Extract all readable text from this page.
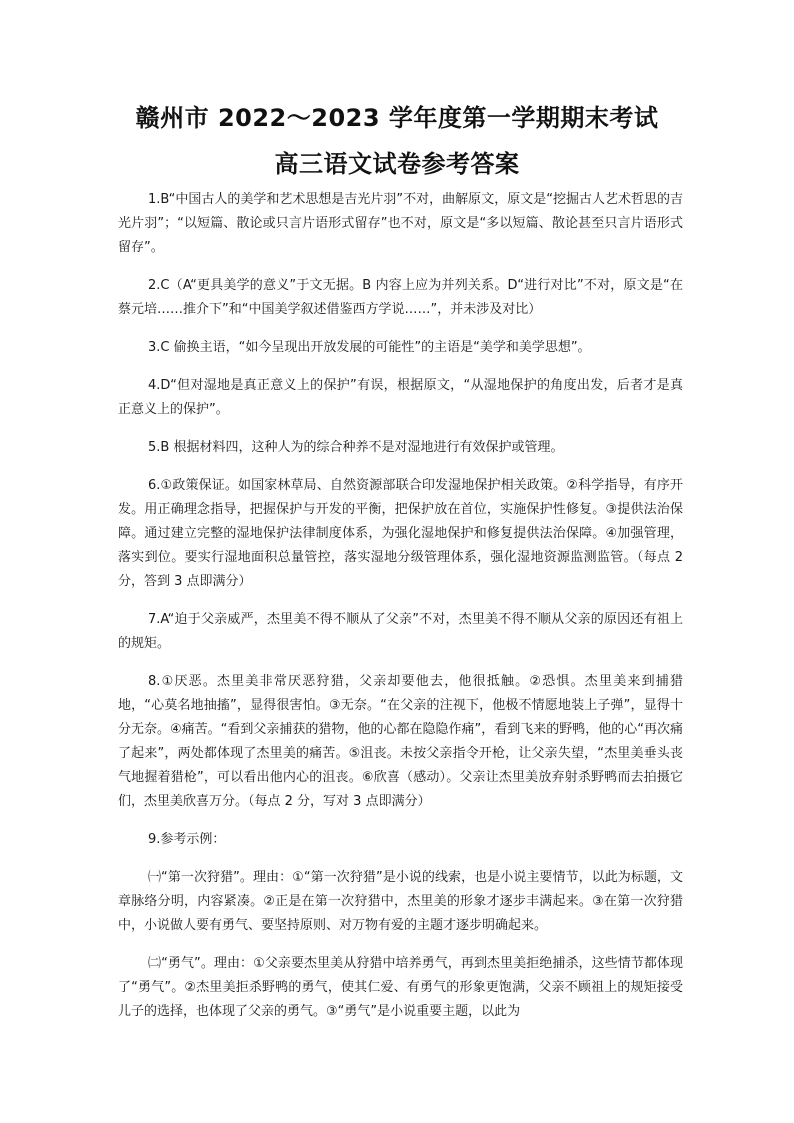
赣州市 2022～2023 学年度第一学期期末考试
高三语文试卷参考答案

1.B“中国古人的美学和艺术思想是吉光片羽”不对，曲解原文，原文是“挖掘古人艺术哲思的吉光片羽”；“以短篇、散论或只言片语形式留存”也不对，原文是“多以短篇、散论甚至只言片语形式留存”。

2.C（A“更具美学的意义”于文无据。B 内容上应为并列关系。D“进行对比”不对，原文是“在蔡元培……推介下”和“中国美学叙述借鉴西方学说……”，并未涉及对比）

3.C 偷换主语，“如今呈现出开放发展的可能性”的主语是“美学和美学思想”。

4.D“但对湿地是真正意义上的保护”有误，根据原文，“从湿地保护的角度出发，后者才是真正意义上的保护”。

5.B 根据材料四，这种人为的综合种养不是对湿地进行有效保护或管理。

6.①政策保证。如国家林草局、自然资源部联合印发湿地保护相关政策。②科学指导，有序开发。用正确理念指导，把握保护与开发的平衡，把保护放在首位，实施保护性修复。③提供法治保障。通过建立完整的湿地保护法律制度体系，为强化湿地保护和修复提供法治保障。④加强管理，落实到位。要实行湿地面积总量管控，落实湿地分级管理体系，强化湿地资源监测监管。（每点 2 分，答到 3 点即满分）

7.A“迫于父亲威严，杰里美不得不顺从了父亲”不对，杰里美不得不顺从父亲的原因还有祖上的规矩。

8.①厌恶。杰里美非常厌恶狩猎，父亲却要他去，他很抵触。②恐惧。杰里美来到捕猎地，“心莫名地抽搐”，显得很害怕。③无奈。“在父亲的注视下，他极不情愿地装上子弹”，显得十分无奈。④痛苦。“看到父亲捕获的猎物，他的心都在隐隐作痛”，看到飞来的野鸭，他的心“再次痛了起来”，两处都体现了杰里美的痛苦。⑤沮丧。未按父亲指令开枪，让父亲失望，“杰里美垂头丧气地握着猎枪”，可以看出他内心的沮丧。⑥欣喜（感动）。父亲让杰里美放弃射杀野鸭而去拍摄它们，杰里美欣喜万分。（每点 2 分，写对 3 点即满分）

9.参考示例：

㈠“第一次狩猎”。理由：①“第一次狩猎”是小说的线索，也是小说主要情节，以此为标题，文章脉络分明，内容紧凑。②正是在第一次狩猎中，杰里美的形象才逐步丰满起来。③在第一次狩猎中，小说做人要有勇气、要坚持原则、对万物有爱的主题才逐步明确起来。

㈡“勇气”。理由：①父亲要杰里美从狩猎中培养勇气，再到杰里美拒绝捕杀，这些情节都体现了“勇气”。②杰里美拒杀野鸭的勇气，使其仁爱、有勇气的形象更饱满，父亲不顾祖上的规矩接受儿子的选择，也体现了父亲的勇气。③“勇气”是小说重要主题，以此为
